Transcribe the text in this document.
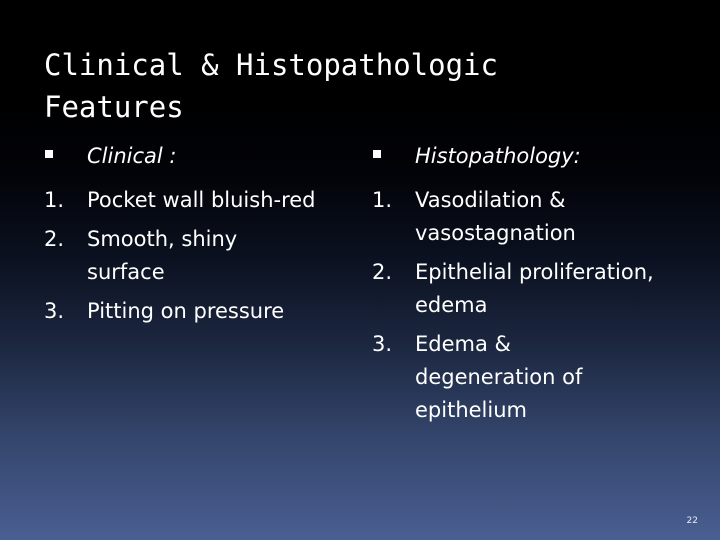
Clinical & Histopathologic
Features
Clinical :
1.	Pocket wall bluish-red
2.	Smooth, shiny surface
3.	Pitting on pressure
Histopathology:
1.	Vasodilation & vasostagnation
2.	Epithelial proliferation, edema
3.	Edema & degeneration of epithelium
22
